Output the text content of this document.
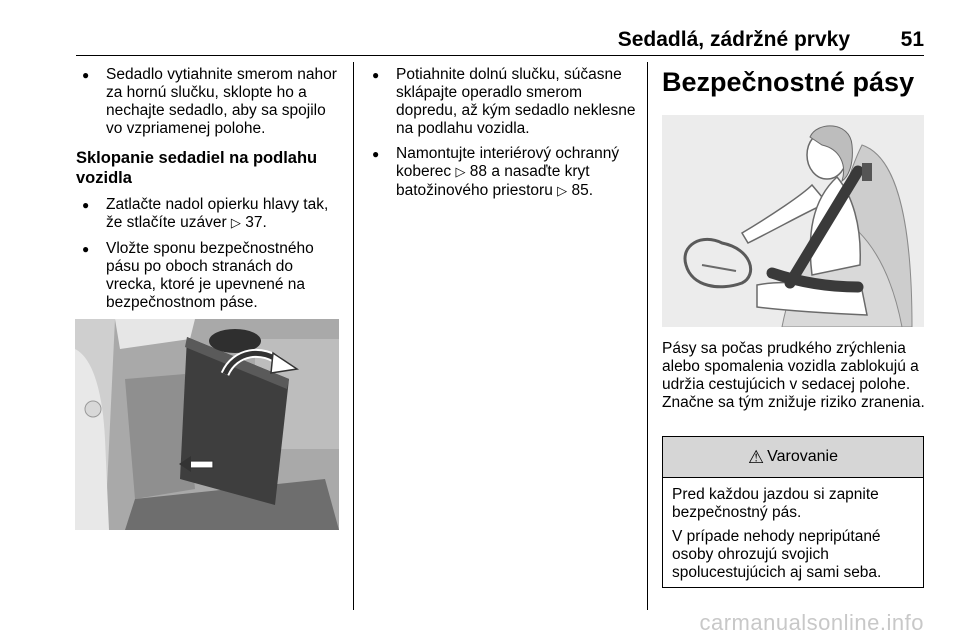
Sedadlá, zádržné prvky	51
● Sedadlo vytiahnite smerom nahor za hornú slučku, sklopte ho a nechajte sedadlo, aby sa spojilo vo vzpriamenej polohe.
Sklopanie sedadiel na podlahu vozidla
● Zatlačte nadol opierku hlavy tak, že stlačíte uzáver ▷ 37.
● Vložte sponu bezpečnostného pásu po oboch stranách do vrecka, ktoré je upevnené na bezpečnostnom páse.
● Potiahnite dolnú slučku, súčasne sklápajte operadlo smerom dopredu, až kým sedadlo neklesne na podlahu vozidla.
● Namontujte interiérový ochranný koberec ▷ 88 a nasaďte kryt batožinového priestoru ▷ 85.
Bezpečnostné pásy
Pásy sa počas prudkého zrýchlenia alebo spomalenia vozidla zablokujú a udržia cestujúcich v sedacej polohe. Značne sa tým znižuje riziko zranenia.
⚠ Varovanie

Pred každou jazdou si zapnite bezpečnostný pás.

V prípade nehody nepripútané osoby ohrozujú svojich spolucestujúcich aj sami seba.

carmanualsonline.info
